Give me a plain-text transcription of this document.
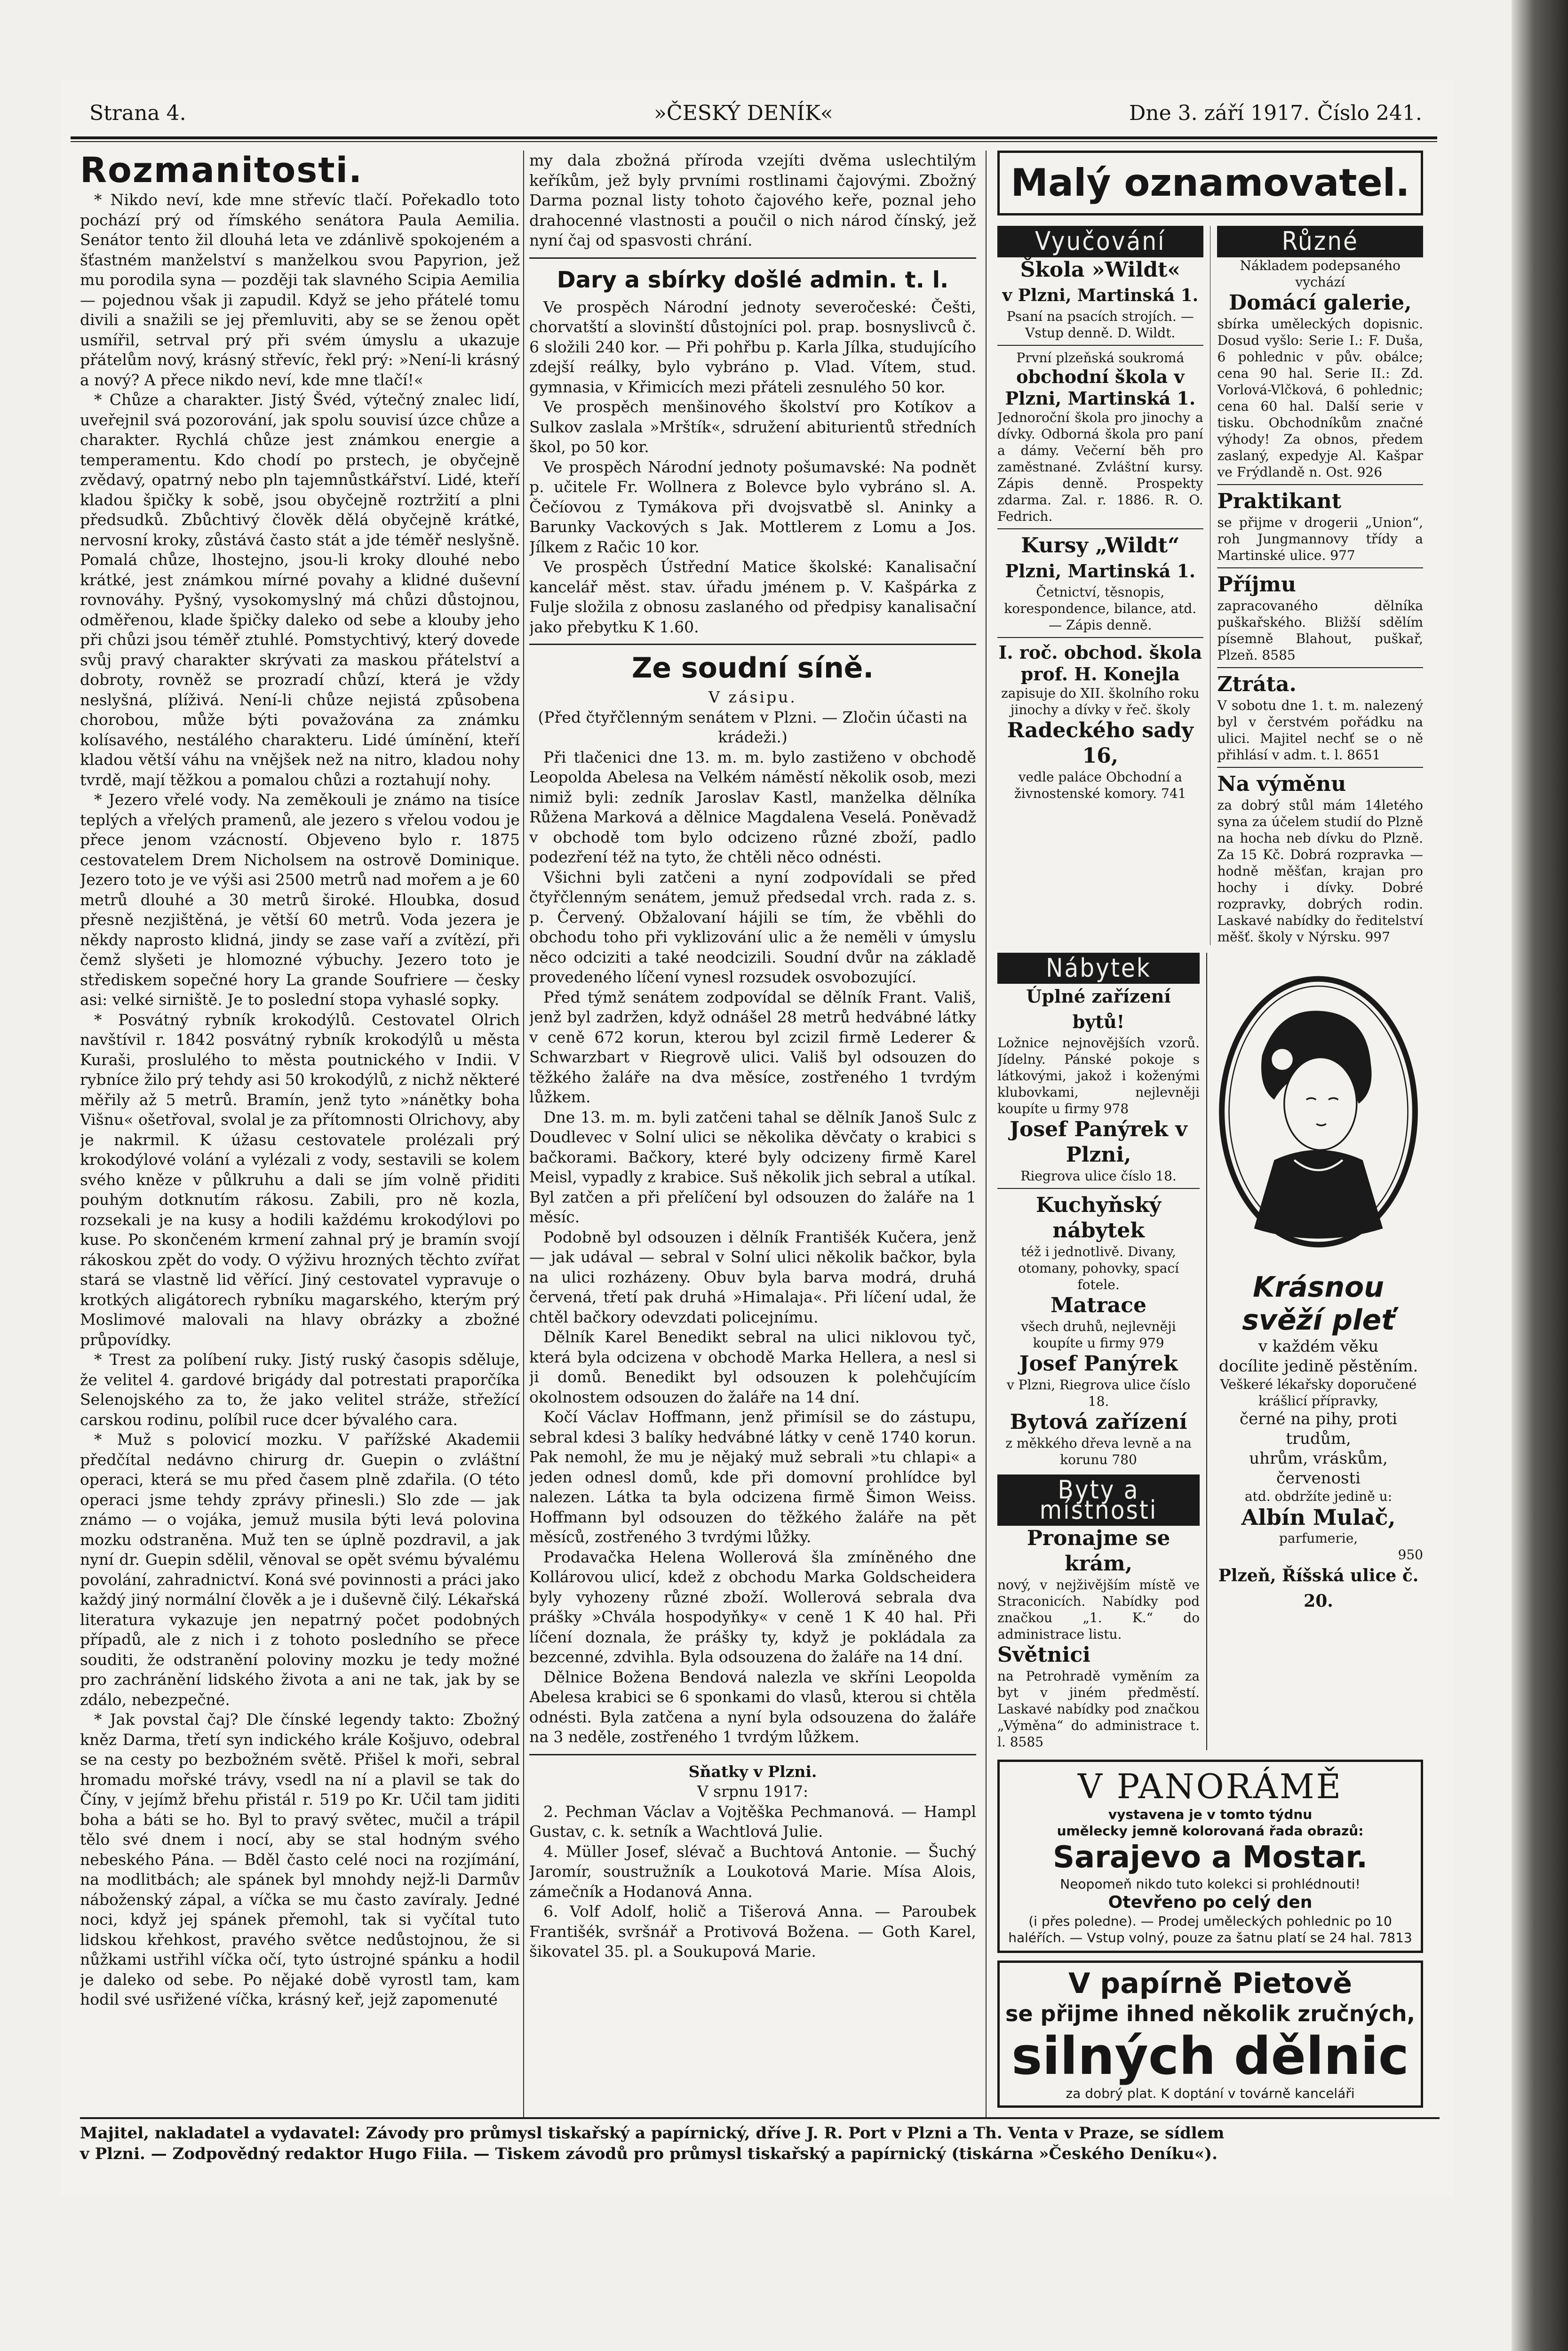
Strana 4.	»ČESKÝ DENÍK«	Dne 3. září 1917. Číslo 241.

Rozmanitosti.

* Nikdo neví, kde mne střevíc tlačí. Pořekadlo toto pochází prý od římského senátora Paula Aemilia. Senátor tento žil dlouhá leta ve zdánlivě spokojeném a šťastném manželství s manželkou svou Papyrion, jež mu porodila syna — později tak slavného Scipia Aemilia — pojednou však ji zapudil. Když se jeho přátelé tomu divili a snažili se jej přemluviti, aby se se ženou opět usmířil, setrval prý při svém úmyslu a ukazuje přátelům nový, krásný střevíc, řekl prý: »Není-li krásný a nový? A přece nikdo neví, kde mne tlačí!«

* Chůze a charakter. Jistý Švéd, výtečný znalec lidí, uveřejnil svá pozorování, jak spolu souvisí úzce chůze a charakter. Rychlá chůze jest známkou energie a temperamentu. Kdo chodí po prstech, je obyčejně zvědavý, opatrný nebo pln tajemnůstkářství. Lidé, kteří kladou špičky k sobě, jsou obyčejně roztržití a plni předsudků. Zbůchtivý člověk dělá obyčejně krátké, nervosní kroky, zůstává často stát a jde téměř neslyšně. Pomalá chůze, lhostejno, jsou-li kroky dlouhé nebo krátké, jest známkou mírné povahy a klidné duševní rovnováhy. Pyšný, vysokomyslný má chůzi důstojnou, odměřenou, klade špičky daleko od sebe a klouby jeho při chůzi jsou téměř ztuhlé. Pomstychtivý, který dovede svůj pravý charakter skrývati za maskou přátelství a dobroty, rovněž se prozradí chůzí, která je vždy neslyšná, plíživá. Není-li chůze nejistá způsobena chorobou, může býti považována za známku kolísavého, nestálého charakteru. Lidé úmínění, kteří kladou větší váhu na vnějšek než na nitro, kladou nohy tvrdě, mají těžkou a pomalou chůzi a roztahují nohy.

* Jezero vřelé vody. Na zeměkouli je známo na tisíce teplých a vřelých pramenů, ale jezero s vřelou vodou je přece jenom vzácností. Objeveno bylo r. 1875 cestovatelem Drem Nicholsem na ostrově Dominique. Jezero toto je ve výši asi 2500 metrů nad mořem a je 60 metrů dlouhé a 30 metrů široké. Hloubka, dosud přesně nezjištěná, je větší 60 metrů. Voda jezera je někdy naprosto klidná, jindy se zase vaří a zvítězí, při čemž slyšeti je hlomozné výbuchy. Jezero toto je střediskem sopečné hory La grande Soufriere — česky asi: velké sirniště. Je to poslední stopa vyhaslé sopky.

* Posvátný rybník krokodýlů. Cestovatel Olrich navštívil r. 1842 posvátný rybník krokodýlů u města Kuraši, proslulého to města poutnického v Indii. V rybníce žilo prý tehdy asi 50 krokodýlů, z nichž některé měřily až 5 metrů. Bramín, jenž tyto »nánětky boha Višnu« ošetřoval, svolal je za přítomnosti Olrichovy, aby je nakrmil. K úžasu cestovatele prolézali prý krokodýlové volání a vylézali z vody, sestavili se kolem svého kněze v půlkruhu a dali se jím volně přiditi pouhým dotknutím rákosu. Zabili, pro ně kozla, rozsekali je na kusy a hodili každému krokodýlovi po kuse. Po skončeném krmení zahnal prý je bramín svojí rákoskou zpět do vody. O výživu hrozných těchto zvířat stará se vlastně lid věřící. Jiný cestovatel vypravuje o krotkých aligátorech rybníku magarského, kterým prý Moslimové malovali na hlavy obrázky a zbožné průpovídky.

* Trest za políbení ruky. Jistý ruský časopis sděluje, že velitel 4. gardové brigády dal potrestati praporčíka Selenojského za to, že jako velitel stráže, střežící carskou rodinu, políbil ruce dcer bývalého cara.

* Muž s polovicí mozku. V pařížské Akademii předčítal nedávno chirurg dr. Guepin o zvláštní operaci, která se mu před časem plně zdařila. (O této operaci jsme tehdy zprávy přinesli.) Slo zde — jak známo — o vojáka, jemuž musila býti levá polovina mozku odstraněna. Muž ten se úplně pozdravil, a jak nyní dr. Guepin sdělil, věnoval se opět svému bývalému povolání, zahradnictví. Koná své povinnosti a práci jako každý jiný normální člověk a je i duševně čilý. Lékařská literatura vykazuje jen nepatrný počet podobných případů, ale z nich i z tohoto posledního se přece souditi, že odstranění poloviny mozku je tedy možné pro zachránění lidského života a ani ne tak, jak by se zdálo, nebezpečné.

* Jak povstal čaj? Dle čínské legendy takto: Zbožný kněz Darma, třetí syn indického krále Košjuvo, odebral se na cesty po bezbožném světě. Přišel k moři, sebral hromadu mořské trávy, vsedl na ní a plavil se tak do Číny, v jejímž břehu přistál r. 519 po Kr. Učil tam jiditi boha a báti se ho. Byl to pravý světec, mučil a trápil tělo své dnem i nocí, aby se stal hodným svého nebeského Pána. — Bděl často celé noci na rozjímání, na modlitbách; ale spánek byl mnohdy nejž-li Darmův náboženský zápal, a víčka se mu často zavíraly. Jedné noci, když jej spánek přemohl, tak si vyčítal tuto lidskou křehkost, pravého světce nedůstojnou, že si nůžkami ustřihl víčka očí, tyto ústrojné spánku a hodil je daleko od sebe. Po nějaké době vyrostl tam, kam hodil své usřižené víčka, krásný keř, jejž zapomenuté

my dala zbožná příroda vzejíti dvěma uslechtilým keříkům, jež byly prvními rostlinami čajovými. Zbožný Darma poznal listy tohoto čajového keře, poznal jeho drahocenné vlastnosti a poučil o nich národ čínský, jež nyní čaj od spasvosti chrání.

Dary a sbírky došlé admin. t. l.

Ve prospěch Národní jednoty severočeské: Češti, chorvatští a slovinští důstojníci pol. prap. bosnyslivců č. 6 složili 240 kor. — Při pohřbu p. Karla Jílka, studujícího zdejší reálky, bylo vybráno p. Vlad. Vítem, stud. gymnasia, v Křimicích mezi přáteli zesnulého 50 kor.

Ve prospěch menšinového školství pro Kotíkov a Sulkov zaslala »Mrštík«, sdružení abiturientů středních škol, po 50 kor.

Ve prospěch Národní jednoty pošumavské: Na podnět p. učitele Fr. Wollnera z Bolevce bylo vybráno sl. A. Čečíovou z Tymákova při dvojsvatbě sl. Aninky a Barunky Vackových s Jak. Mottlerem z Lomu a Jos. Jílkem z Račic 10 kor.

Ve prospěch Ústřední Matice školské: Kanalisační kancelář měst. stav. úřadu jménem p. V. Kašpárka z Fulje složila z obnosu zaslaného od předpisy kanalisační jako přebytku K 1.60.

Ze soudní síně.

V zásipu.

(Před čtyřčlenným senátem v Plzni. — Zločin účasti na krádeži.)

Při tlačenici dne 13. m. m. bylo zastiženo v obchodě Leopolda Abelesa na Velkém náměstí několik osob, mezi nimiž byli: zedník Jaroslav Kastl, manželka dělníka Růžena Marková a dělnice Magdalena Veselá. Poněvadž v obchodě tom bylo odcizeno různé zboží, padlo podezření též na tyto, že chtěli něco odnésti.

Všichni byli zatčeni a nyní zodpovídali se před čtyřčlenným senátem, jemuž předsedal vrch. rada z. s. p. Červený. Obžalovaní hájili se tím, že vběhli do obchodu toho při vyklizování ulic a že neměli v úmyslu něco odciziti a také neodcizili. Soudní dvůr na základě provedeného líčení vynesl rozsudek osvobozující.

Před týmž senátem zodpovídal se dělník Frant. Vališ, jenž byl zadržen, když odnášel 28 metrů hedvábné látky v ceně 672 korun, kterou byl zcizil firmě Lederer & Schwarzbart v Riegrově ulici. Vališ byl odsouzen do těžkého žaláře na dva měsíce, zostřeného 1 tvrdým lůžkem.

Dne 13. m. m. byli zatčeni tahal se dělník Janoš Sulc z Doudlevec v Solní ulici se několika děvčaty o krabici s bačkorami. Bačkory, které byly odcizeny firmě Karel Meisl, vypadly z krabice. Suš několik jich sebral a utíkal. Byl zatčen a při přelíčení byl odsouzen do žaláře na 1 měsíc.

Podobně byl odsouzen i dělník Františék Kučera, jenž — jak udával — sebral v Solní ulici několik bačkor, byla na ulici rozházeny. Obuv byla barva modrá, druhá červená, třetí pak druhá »Himalaja«. Při líčení udal, že chtěl bačkory odevzdati policejnímu.

Dělník Karel Benedikt sebral na ulici niklovou tyč, která byla odcizena v obchodě Marka Hellera, a nesl si ji domů. Benedikt byl odsouzen k polehčujícím okolnostem odsouzen do žaláře na 14 dní.

Kočí Václav Hoffmann, jenž přimísil se do zástupu, sebral kdesi 3 balíky hedvábné látky v ceně 1740 korun. Pak nemohl, že mu je nějaký muž sebrali »tu chlapi« a jeden odnesl domů, kde při domovní prohlídce byl nalezen. Látka ta byla odcizena firmě Šimon Weiss. Hoffmann byl odsouzen do těžkého žaláře na pět měsíců, zostřeného 3 tvrdými lůžky.

Prodavačka Helena Wollerová šla zmíněného dne Kollárovou ulicí, kdež z obchodu Marka Goldscheidera byly vyhozeny různé zboží. Wollerová sebrala dva prášky »Chvála hospodyňky« v ceně 1 K 40 hal. Při líčení doznala, že prášky ty, když je pokládala za bezcenné, zdvihla. Byla odsouzena do žaláře na 14 dní.

Dělnice Božena Bendová nalezla ve skříni Leopolda Abelesa krabici se 6 sponkami do vlasů, kterou si chtěla odnésti. Byla zatčena a nyní byla odsouzena do žaláře na 3 neděle, zostřeného 1 tvrdým lůžkem.

Sňatky v Plzni.

V srpnu 1917:

2. Pechman Václav a Vojtěška Pechmanová. — Hampl Gustav, c. k. setník a Wachtlová Julie.

4. Müller Josef, slévač a Buchtová Antonie. — Šuchý Jaromír, soustružník a Loukotová Marie. Mísa Alois, zámečník a Hodanová Anna.

6. Volf Adolf, holič a Tišerová Anna. — Paroubek Františék, svršnář a Protivová Božena. — Goth Karel, šikovatel 35. pl. a Soukupová Marie.

Malý oznamovatel.
Vyučování
Škola »Wildt«
v Plzni, Martinská 1.
Psaní na psacích strojích. — Vstup denně. D. Wildt.
První plzeňská soukromá
obchodní škola v Plzni, Martinská 1.
Jednoroční škola pro jinochy a dívky. Odborná škola pro paní a dámy. Večerní běh pro zaměstnané. Zvláštní kursy. Zápis denně. Prospekty zdarma. Zal. r. 1886. R. O. Fedrich.
Kursy „Wildt“
Plzni, Martinská 1.
Četnictví, těsnopis, korespondence, bilance, atd. — Zápis denně.
I. roč. obchod. škola prof. H. Konejla
zapisuje do XII. školního roku jinochy a dívky v řeč. školy
Radeckého sady 16,
vedle paláce Obchodní a živnostenské komory. 741
Různé
Nákladem podepsaného vychází
Domácí galerie,
sbírka uměleckých dopisnic. Dosud vyšlo: Serie I.: F. Duša, 6 pohlednic v pův. obálce; cena 90 hal. Serie II.: Zd. Vorlová-Vlčková, 6 pohlednic; cena 60 hal. Další serie v tisku. Obchodníkům značné výhody! Za obnos, předem zaslaný, expedyje Al. Kašpar ve Frýdlandě n. Ost. 926
Praktikant
se přijme v drogerii „Union“, roh Jungmannovy třídy a Martinské ulice. 977
Příjmu
zapracovaného dělníka puškařského. Bližší sdělím písemně Blahout, puškař, Plzeň. 8585
Ztráta.
V sobotu dne 1. t. m. nalezený byl v čerstvém pořádku na ulici. Majitel nechť se o ně přihlásí v adm. t. l. 8651
Na výměnu
za dobrý stůl mám 14letého syna za účelem studií do Plzně na hocha neb dívku do Plzně. Za 15 Kč. Dobrá rozpravka — hodně měšťan, krajan pro hochy i dívky. Dobré rozpravky, dobrých rodin. Laskavé nabídky do ředitelství měšť. školy v Nýrsku. 997
Nábytek
Úplné zařízení bytů!
Ložnice nejnovějších vzorů. Jídelny. Pánské pokoje s látkovými, jakož i koženými klubovkami, nejlevněji koupíte u firmy 978
Josef Panýrek v Plzni,
Riegrova ulice číslo 18.
Kuchyňský nábytek
též i jednotlivě. Divany, otomany, pohovky, spací fotele.
Matrace
všech druhů, nejlevněji koupíte u firmy 979
Josef Panýrek
v Plzni, Riegrova ulice číslo 18.
Bytová zařízení
z měkkého dřeva levně a na korunu 780
Byty a místnosti
Pronajme se krám,
nový, v nejživějším místě ve Straconicích. Nabídky pod značkou „1. K.“ do administrace listu.
Světnici
na Petrohradě vyměním za byt v jiném předměstí. Laskavé nabídky pod značkou „Výměna“ do administrace t. l. 8585
Krásnou svěží pleť
v každém věku
docílite jedině pěstěním.
Veškeré lékařsky doporučené krášlicí přípravky,
černé na pihy, proti trudům,
uhrům, vráskům, červenosti
atd. obdržíte jedině u:
Albín Mulač,
parfumerie,
950
Plzeň, Říšská ulice č. 20.
V PANORÁMĚ
vystavena je v tomto týdnu
umělecky jemně kolorovaná řada obrazů:
Sarajevo a Mostar.
Neopomeň nikdo tuto kolekci si prohlédnouti!
Otevřeno po celý den
(i přes poledne). — Prodej uměleckých pohlednic po 10 haléřích. — Vstup volný, pouze za šatnu platí se 24 hal. 7813
V papírně Pietově
se přijme ihned několik zručných,
silných dělnic
za dobrý plat. K doptání v továrně kanceláři
Majitel, nakladatel a vydavatel: Závody pro průmysl tiskařský a papírnický, dříve J. R. Port v Plzni a Th. Venta v Praze, se sídlem
v Plzni. — Zodpovědný redaktor Hugo Fiila. — Tiskem závodů pro průmysl tiskařský a papírnický (tiskárna »Českého Deníku«).
